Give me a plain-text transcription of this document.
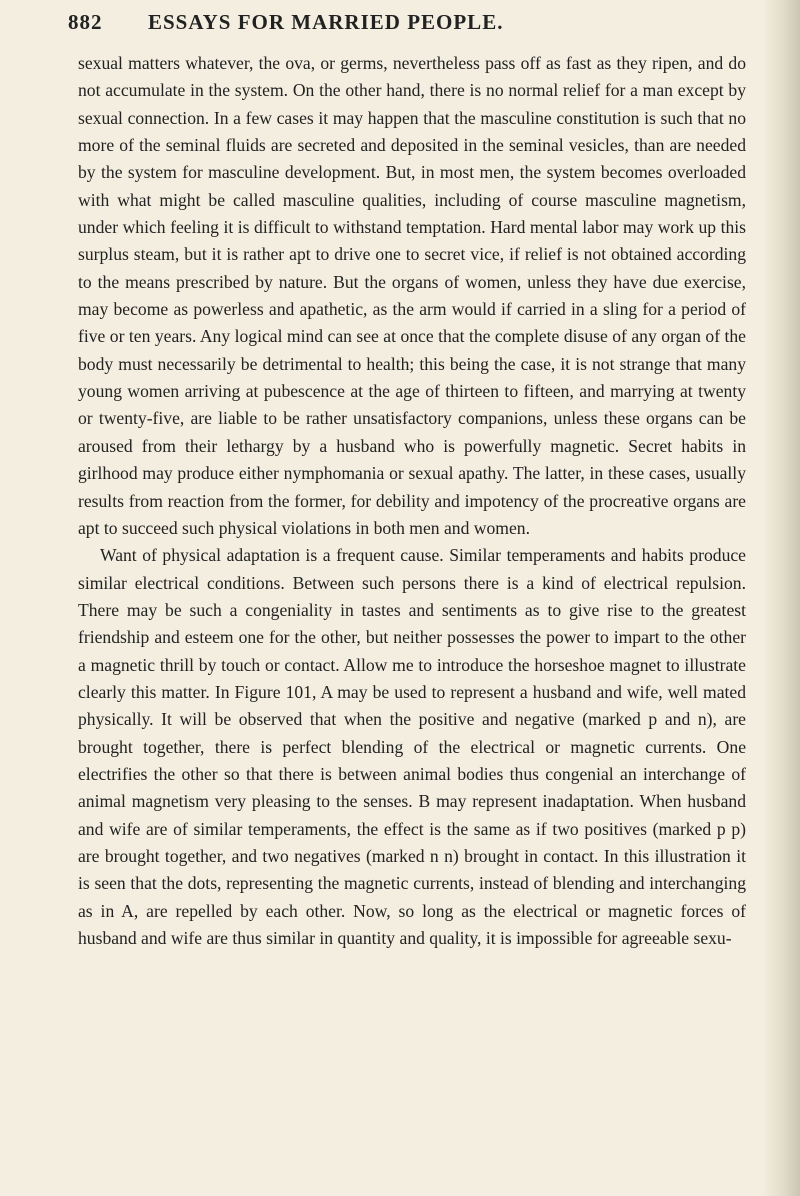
882	ESSAYS FOR MARRIED PEOPLE.

sexual matters whatever, the ova, or germs, nevertheless pass off as fast as they ripen, and do not accumulate in the system. On the other hand, there is no normal relief for a man except by sexual connection. In a few cases it may happen that the masculine constitution is such that no more of the seminal fluids are secreted and deposited in the seminal vesicles, than are needed by the system for masculine development. But, in most men, the system becomes overloaded with what might be called masculine qualities, including of course masculine magnetism, under which feeling it is difficult to withstand temptation. Hard mental labor may work up this surplus steam, but it is rather apt to drive one to secret vice, if relief is not obtained according to the means prescribed by nature. But the organs of women, unless they have due exercise, may become as powerless and apathetic, as the arm would if carried in a sling for a period of five or ten years. Any logical mind can see at once that the complete disuse of any organ of the body must necessarily be detrimental to health; this being the case, it is not strange that many young women arriving at pubescence at the age of thirteen to fifteen, and marrying at twenty or twenty-five, are liable to be rather unsatisfactory companions, unless these organs can be aroused from their lethargy by a husband who is powerfully magnetic. Secret habits in girlhood may produce either nymphomania or sexual apathy. The latter, in these cases, usually results from reaction from the former, for debility and impotency of the procreative organs are apt to succeed such physical violations in both men and women.

Want of physical adaptation is a frequent cause. Similar temperaments and habits produce similar electrical conditions. Between such persons there is a kind of electrical repulsion. There may be such a congeniality in tastes and sentiments as to give rise to the greatest friendship and esteem one for the other, but neither possesses the power to impart to the other a magnetic thrill by touch or contact. Allow me to introduce the horseshoe magnet to illustrate clearly this matter. In Figure 101, A may be used to represent a husband and wife, well mated physically. It will be observed that when the positive and negative (marked p and n), are brought together, there is perfect blending of the electrical or magnetic currents. One electrifies the other so that there is between animal bodies thus congenial an interchange of animal magnetism very pleasing to the senses. B may represent inadaptation. When husband and wife are of similar temperaments, the effect is the same as if two positives (marked p p) are brought together, and two negatives (marked n n) brought in contact. In this illustration it is seen that the dots, representing the magnetic currents, instead of blending and interchanging as in A, are repelled by each other. Now, so long as the electrical or magnetic forces of husband and wife are thus similar in quantity and quality, it is impossible for agreeable sexu-
